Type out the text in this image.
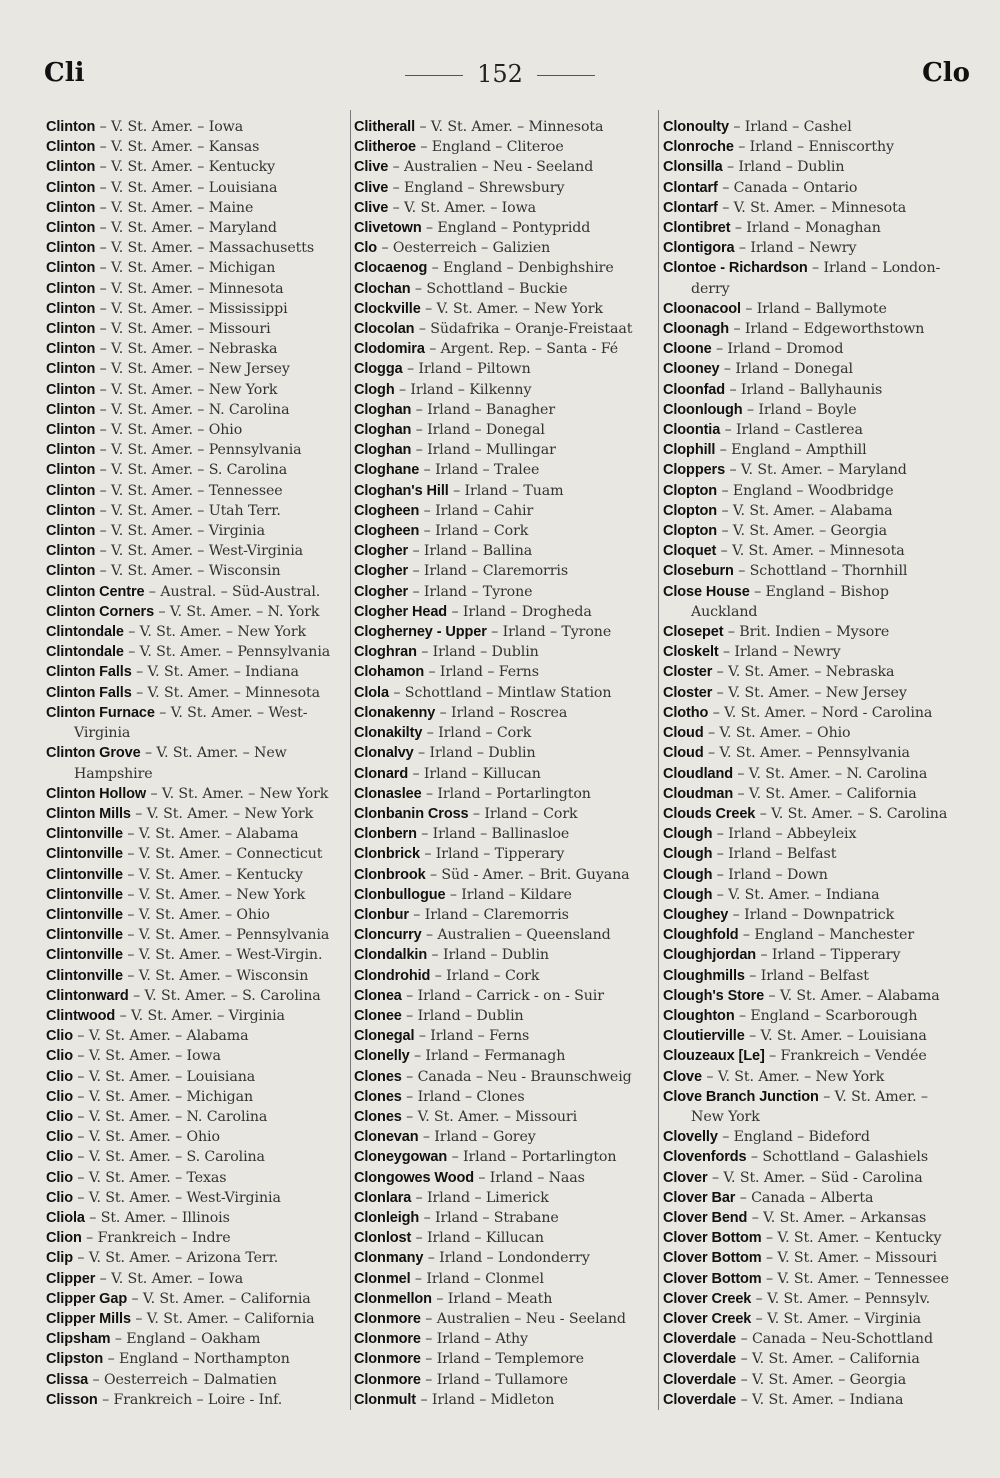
Cli	152	Clo
Clinton – V. St. Amer. – Iowa
Clinton – V. St. Amer. – Kansas
Clinton – V. St. Amer. – Kentucky
Clinton – V. St. Amer. – Louisiana
Clinton – V. St. Amer. – Maine
Clinton – V. St. Amer. – Maryland
Clinton – V. St. Amer. – Massachusetts
Clinton – V. St. Amer. – Michigan
Clinton – V. St. Amer. – Minnesota
Clinton – V. St. Amer. – Mississippi
Clinton – V. St. Amer. – Missouri
Clinton – V. St. Amer. – Nebraska
Clinton – V. St. Amer. – New Jersey
Clinton – V. St. Amer. – New York
Clinton – V. St. Amer. – N. Carolina
Clinton – V. St. Amer. – Ohio
Clinton – V. St. Amer. – Pennsylvania
Clinton – V. St. Amer. – S. Carolina
Clinton – V. St. Amer. – Tennessee
Clinton – V. St. Amer. – Utah Terr.
Clinton – V. St. Amer. – Virginia
Clinton – V. St. Amer. – West-Virginia
Clinton – V. St. Amer. – Wisconsin
Clinton Centre – Austral. – Süd-Austral.
Clinton Corners – V. St. Amer. – N. York
Clintondale – V. St. Amer. – New York
Clintondale – V. St. Amer. – Pennsylvania
Clinton Falls – V. St. Amer. – Indiana
Clinton Falls – V. St. Amer. – Minnesota
Clinton Furnace – V. St. Amer. – West-
Virginia
Clinton Grove – V. St. Amer. – New
Hampshire
Clinton Hollow – V. St. Amer. – New York
Clinton Mills – V. St. Amer. – New York
Clintonville – V. St. Amer. – Alabama
Clintonville – V. St. Amer. – Connecticut
Clintonville – V. St. Amer. – Kentucky
Clintonville – V. St. Amer. – New York
Clintonville – V. St. Amer. – Ohio
Clintonville – V. St. Amer. – Pennsylvania
Clintonville – V. St. Amer. – West-Virgin.
Clintonville – V. St. Amer. – Wisconsin
Clintonward – V. St. Amer. – S. Carolina
Clintwood – V. St. Amer. – Virginia
Clio – V. St. Amer. – Alabama
Clio – V. St. Amer. – Iowa
Clio – V. St. Amer. – Louisiana
Clio – V. St. Amer. – Michigan
Clio – V. St. Amer. – N. Carolina
Clio – V. St. Amer. – Ohio
Clio – V. St. Amer. – S. Carolina
Clio – V. St. Amer. – Texas
Clio – V. St. Amer. – West-Virginia
Cliola – St. Amer. – Illinois
Clion – Frankreich – Indre
Clip – V. St. Amer. – Arizona Terr.
Clipper – V. St. Amer. – Iowa
Clipper Gap – V. St. Amer. – California
Clipper Mills – V. St. Amer. – California
Clipsham – England – Oakham
Clipston – England – Northampton
Clissa – Oesterreich – Dalmatien
Clisson – Frankreich – Loire - Inf.
Clitherall – V. St. Amer. – Minnesota
Clitheroe – England – Cliteroe
Clive – Australien – Neu - Seeland
Clive – England – Shrewsbury
Clive – V. St. Amer. – Iowa
Clivetown – England – Pontypridd
Clo – Oesterreich – Galizien
Clocaenog – England – Denbighshire
Clochan – Schottland – Buckie
Clockville – V. St. Amer. – New York
Clocolan – Südafrika – Oranje-Freistaat
Clodomira – Argent. Rep. – Santa - Fé
Clogga – Irland – Piltown
Clogh – Irland – Kilkenny
Cloghan – Irland – Banagher
Cloghan – Irland – Donegal
Cloghan – Irland – Mullingar
Cloghane – Irland – Tralee
Cloghan's Hill – Irland – Tuam
Clogheen – Irland – Cahir
Clogheen – Irland – Cork
Clogher – Irland – Ballina
Clogher – Irland – Claremorris
Clogher – Irland – Tyrone
Clogher Head – Irland – Drogheda
Clogherney - Upper – Irland – Tyrone
Cloghran – Irland – Dublin
Clohamon – Irland – Ferns
Clola – Schottland – Mintlaw Station
Clonakenny – Irland – Roscrea
Clonakilty – Irland – Cork
Clonalvy – Irland – Dublin
Clonard – Irland – Killucan
Clonaslee – Irland – Portarlington
Clonbanin Cross – Irland – Cork
Clonbern – Irland – Ballinasloe
Clonbrick – Irland – Tipperary
Clonbrook – Süd - Amer. – Brit. Guyana
Clonbullogue – Irland – Kildare
Clonbur – Irland – Claremorris
Cloncurry – Australien – Queensland
Clondalkin – Irland – Dublin
Clondrohid – Irland – Cork
Clonea – Irland – Carrick - on - Suir
Clonee – Irland – Dublin
Clonegal – Irland – Ferns
Clonelly – Irland – Fermanagh
Clones – Canada – Neu - Braunschweig
Clones – Irland – Clones
Clones – V. St. Amer. – Missouri
Clonevan – Irland – Gorey
Cloneygowan – Irland – Portarlington
Clongowes Wood – Irland – Naas
Clonlara – Irland – Limerick
Clonleigh – Irland – Strabane
Clonlost – Irland – Killucan
Clonmany – Irland – Londonderry
Clonmel – Irland – Clonmel
Clonmellon – Irland – Meath
Clonmore – Australien – Neu - Seeland
Clonmore – Irland – Athy
Clonmore – Irland – Templemore
Clonmore – Irland – Tullamore
Clonmult – Irland – Midleton
Clonoulty – Irland – Cashel
Clonroche – Irland – Enniscorthy
Clonsilla – Irland – Dublin
Clontarf – Canada – Ontario
Clontarf – V. St. Amer. – Minnesota
Clontibret – Irland – Monaghan
Clontigora – Irland – Newry
Clontoe - Richardson – Irland – London-
derry
Cloonacool – Irland – Ballymote
Cloonagh – Irland – Edgeworthstown
Cloone – Irland – Dromod
Clooney – Irland – Donegal
Cloonfad – Irland – Ballyhaunis
Cloonlough – Irland – Boyle
Cloontia – Irland – Castlerea
Clophill – England – Ampthill
Cloppers – V. St. Amer. – Maryland
Clopton – England – Woodbridge
Clopton – V. St. Amer. – Alabama
Clopton – V. St. Amer. – Georgia
Cloquet – V. St. Amer. – Minnesota
Closeburn – Schottland – Thornhill
Close House – England – Bishop
Auckland
Closepet – Brit. Indien – Mysore
Closkelt – Irland – Newry
Closter – V. St. Amer. – Nebraska
Closter – V. St. Amer. – New Jersey
Clotho – V. St. Amer. – Nord - Carolina
Cloud – V. St. Amer. – Ohio
Cloud – V. St. Amer. – Pennsylvania
Cloudland – V. St. Amer. – N. Carolina
Cloudman – V. St. Amer. – California
Clouds Creek – V. St. Amer. – S. Carolina
Clough – Irland – Abbeyleix
Clough – Irland – Belfast
Clough – Irland – Down
Clough – V. St. Amer. – Indiana
Cloughey – Irland – Downpatrick
Cloughfold – England – Manchester
Cloughjordan – Irland – Tipperary
Cloughmills – Irland – Belfast
Clough's Store – V. St. Amer. – Alabama
Cloughton – England – Scarborough
Cloutierville – V. St. Amer. – Louisiana
Clouzeaux [Le] – Frankreich – Vendée
Clove – V. St. Amer. – New York
Clove Branch Junction – V. St. Amer. –
New York
Clovelly – England – Bideford
Clovenfords – Schottland – Galashiels
Clover – V. St. Amer. – Süd - Carolina
Clover Bar – Canada – Alberta
Clover Bend – V. St. Amer. – Arkansas
Clover Bottom – V. St. Amer. – Kentucky
Clover Bottom – V. St. Amer. – Missouri
Clover Bottom – V. St. Amer. – Tennessee
Clover Creek – V. St. Amer. – Pennsylv.
Clover Creek – V. St. Amer. – Virginia
Cloverdale – Canada – Neu-Schottland
Cloverdale – V. St. Amer. – California
Cloverdale – V. St. Amer. – Georgia
Cloverdale – V. St. Amer. – Indiana
